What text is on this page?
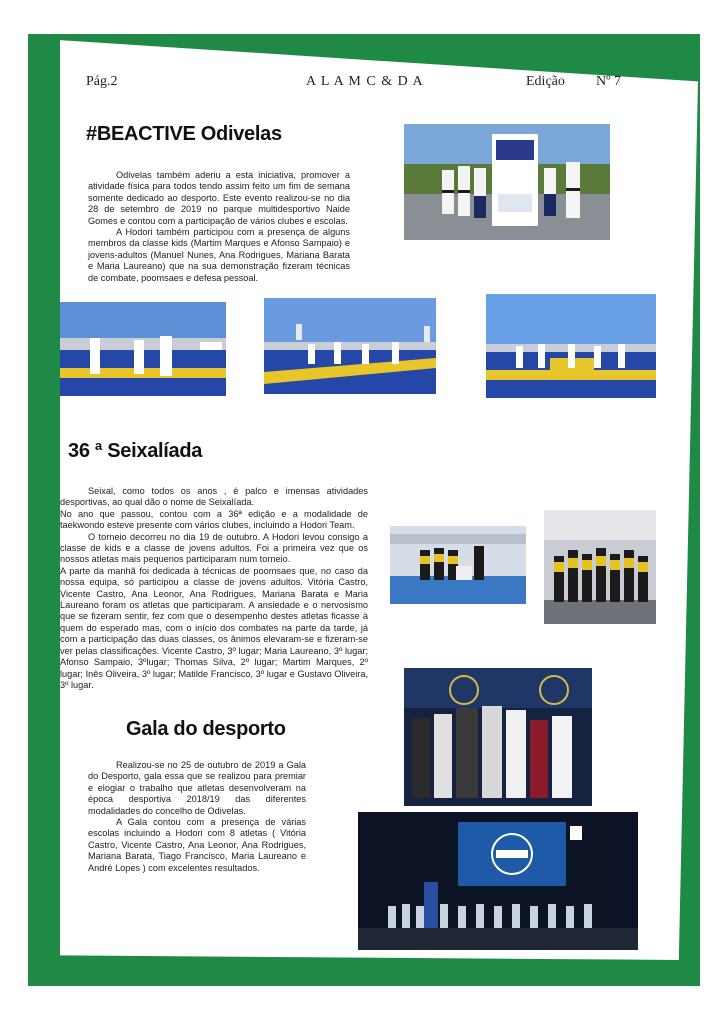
Pág.2	A L A M C & D A	Edição Nº 7
#BEACTIVE Odivelas

Odivelas também aderiu a esta iniciativa, promover a atividade física para todos tendo assim feito um fim de semana somente dedicado ao desporto. Este evento realizou-se no dia 28 de setembro de 2019 no parque multidesportivo Naide Gomes e contou com a participação de vários clubes e escolas.

A Hodori também participou com a presença de alguns membros da classe kids (Martim Marques e Afonso Sampaio) e jovens-adultos (Manuel Nunes, Ana Rodrigues, Mariana Barata e Maria Laureano) que na sua demonstração fizeram técnicas de combate, poomsaes e defesa pessoal.

36 ª Seixalíada

Seixal, como todos os anos , é palco e imensas atividades desportivas, ao qual dão o nome de Seixalíada.

No ano que passou, contou com a 36ª edição e a modalidade de taekwondo esteve presente com vários clubes, incluindo a Hodori Team.

O torneio decorreu no dia 19 de outubro. A Hodori levou consigo a classe de kids e a classe de jovens adultos. Foi a primeira vez que os nossos atletas mais pequenos participaram num torneio.

A parte da manhã foi dedicada à técnicas de poomsaes que, no caso da nossa equipa, só participou a classe de jovens adultos. Vitória Castro, Vicente Castro, Ana Leonor, Ana Rodrigues, Mariana Barata e Maria Laureano foram os atletas que participaram. A ansiedade e o nervosismo que se fizeram sentir, fez com que o desempenho destes atletas ficasse à quem do esperado mas, com o início dos combates na parte da tarde, já com a participação das duas classes, os ânimos elevaram-se e fizeram-se ver pelas classificações. Vicente Castro, 3º lugar; Maria Laureano, 3º lugar; Afonso Sampaio, 3ºlugar; Thomas Silva, 2º lugar; Martim Marques, 2º lugar; Inês Oliveira, 3º lugar; Matilde Francisco, 3º lugar e Gustavo Oliveira, 3º lugar.

Gala do desporto

Realizou-se no 25 de outubro de 2019 a Gala do Desporto, gala essa que se realizou para premiar e elogiar o trabalho que atletas desenvolveram na época desportiva 2018/19 das diferentes modalidades do concelho de Odivelas.

A Gala contou com a presença de várias escolas incluindo a Hodori com 8 atletas ( Vitória Castro, Vicente Castro, Ana Leonor, Ana Rodrigues, Mariana Barata, Tiago Francisco, Maria Laureano e André Lopes ) com excelentes resultados.
